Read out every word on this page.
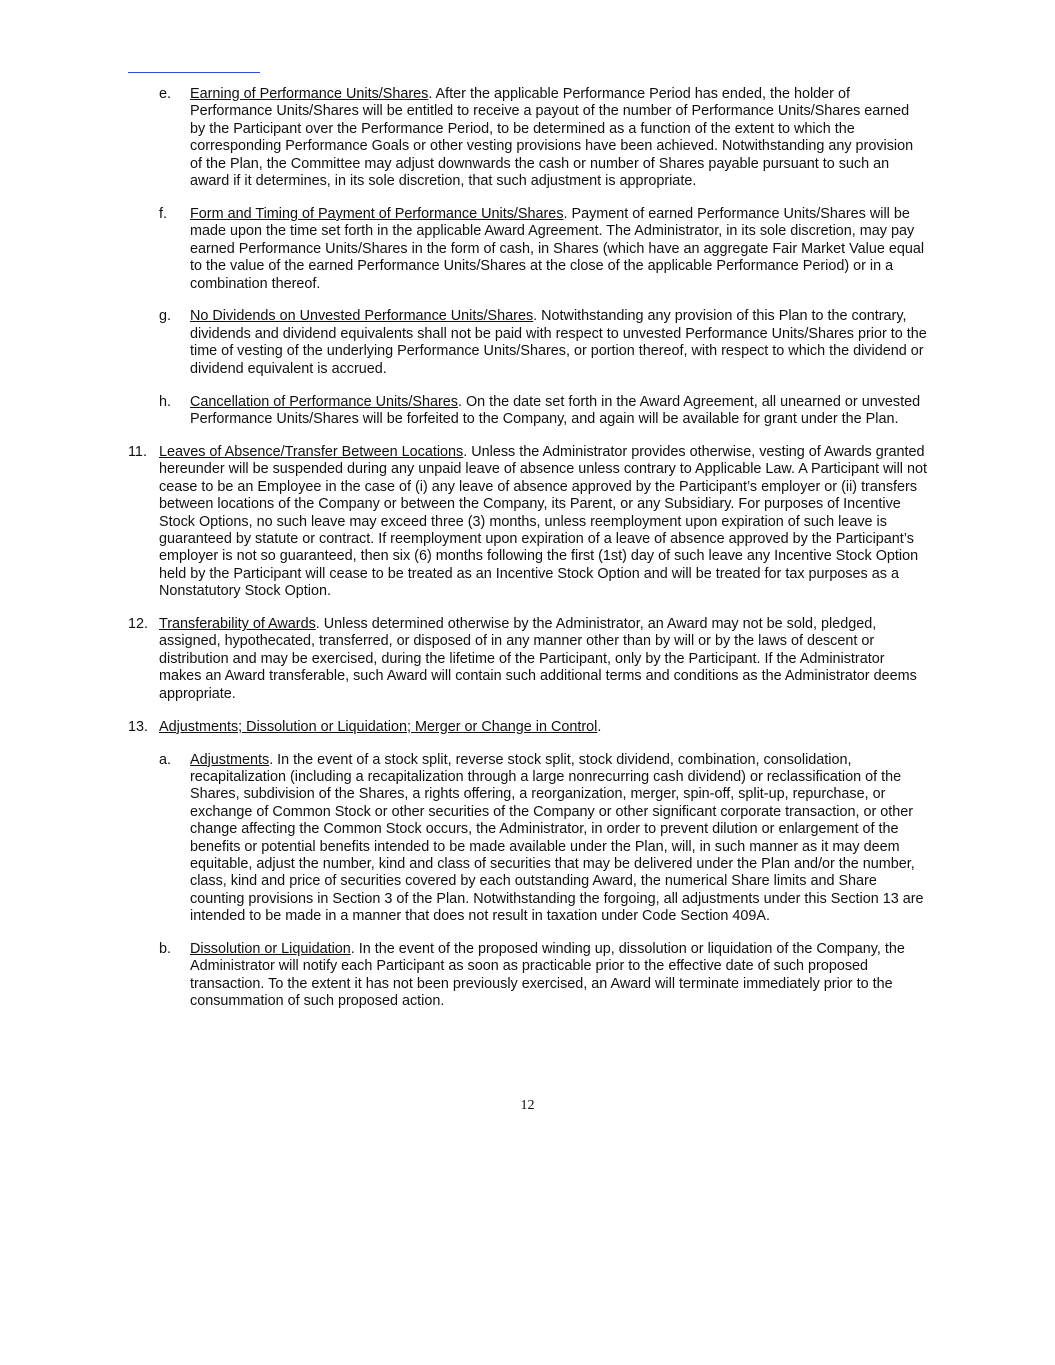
e. Earning of Performance Units/Shares. After the applicable Performance Period has ended, the holder of Performance Units/Shares will be entitled to receive a payout of the number of Performance Units/Shares earned by the Participant over the Performance Period, to be determined as a function of the extent to which the corresponding Performance Goals or other vesting provisions have been achieved. Notwithstanding any provision of the Plan, the Committee may adjust downwards the cash or number of Shares payable pursuant to such an award if it determines, in its sole discretion, that such adjustment is appropriate.
f. Form and Timing of Payment of Performance Units/Shares. Payment of earned Performance Units/Shares will be made upon the time set forth in the applicable Award Agreement. The Administrator, in its sole discretion, may pay earned Performance Units/Shares in the form of cash, in Shares (which have an aggregate Fair Market Value equal to the value of the earned Performance Units/Shares at the close of the applicable Performance Period) or in a combination thereof.
g. No Dividends on Unvested Performance Units/Shares. Notwithstanding any provision of this Plan to the contrary, dividends and dividend equivalents shall not be paid with respect to unvested Performance Units/Shares prior to the time of vesting of the underlying Performance Units/Shares, or portion thereof, with respect to which the dividend or dividend equivalent is accrued.
h. Cancellation of Performance Units/Shares. On the date set forth in the Award Agreement, all unearned or unvested Performance Units/Shares will be forfeited to the Company, and again will be available for grant under the Plan.
11. Leaves of Absence/Transfer Between Locations. Unless the Administrator provides otherwise, vesting of Awards granted hereunder will be suspended during any unpaid leave of absence unless contrary to Applicable Law. A Participant will not cease to be an Employee in the case of (i) any leave of absence approved by the Participant’s employer or (ii) transfers between locations of the Company or between the Company, its Parent, or any Subsidiary. For purposes of Incentive Stock Options, no such leave may exceed three (3) months, unless reemployment upon expiration of such leave is guaranteed by statute or contract. If reemployment upon expiration of a leave of absence approved by the Participant’s employer is not so guaranteed, then six (6) months following the first (1st) day of such leave any Incentive Stock Option held by the Participant will cease to be treated as an Incentive Stock Option and will be treated for tax purposes as a Nonstatutory Stock Option.
12. Transferability of Awards. Unless determined otherwise by the Administrator, an Award may not be sold, pledged, assigned, hypothecated, transferred, or disposed of in any manner other than by will or by the laws of descent or distribution and may be exercised, during the lifetime of the Participant, only by the Participant. If the Administrator makes an Award transferable, such Award will contain such additional terms and conditions as the Administrator deems appropriate.
13. Adjustments; Dissolution or Liquidation; Merger or Change in Control.
a. Adjustments. In the event of a stock split, reverse stock split, stock dividend, combination, consolidation, recapitalization (including a recapitalization through a large nonrecurring cash dividend) or reclassification of the Shares, subdivision of the Shares, a rights offering, a reorganization, merger, spin-off, split-up, repurchase, or exchange of Common Stock or other securities of the Company or other significant corporate transaction, or other change affecting the Common Stock occurs, the Administrator, in order to prevent dilution or enlargement of the benefits or potential benefits intended to be made available under the Plan, will, in such manner as it may deem equitable, adjust the number, kind and class of securities that may be delivered under the Plan and/or the number, class, kind and price of securities covered by each outstanding Award, the numerical Share limits and Share counting provisions in Section 3 of the Plan. Notwithstanding the forgoing, all adjustments under this Section 13 are intended to be made in a manner that does not result in taxation under Code Section 409A.
b. Dissolution or Liquidation. In the event of the proposed winding up, dissolution or liquidation of the Company, the Administrator will notify each Participant as soon as practicable prior to the effective date of such proposed transaction. To the extent it has not been previously exercised, an Award will terminate immediately prior to the consummation of such proposed action.
12
